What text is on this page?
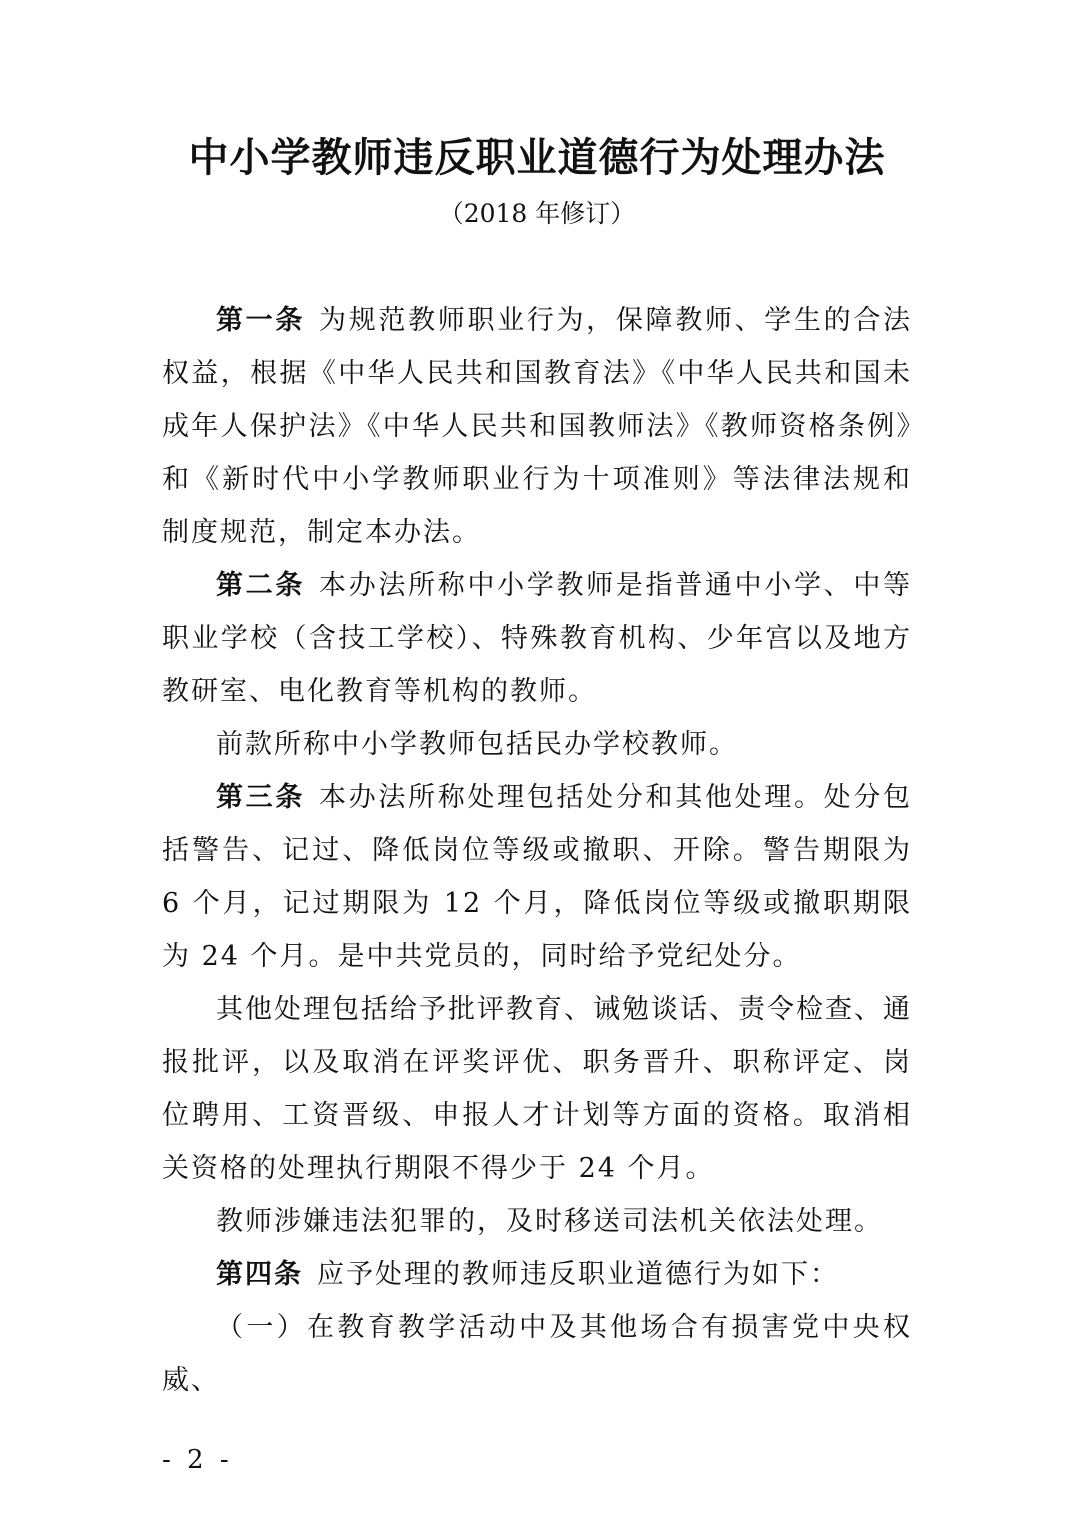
中小学教师违反职业道德行为处理办法

（2018 年修订）

第一条 为规范教师职业行为，保障教师、学生的合法权益，根据《中华人民共和国教育法》《中华人民共和国未成年人保护法》《中华人民共和国教师法》《教师资格条例》和《新时代中小学教师职业行为十项准则》等法律法规和制度规范，制定本办法。

第二条 本办法所称中小学教师是指普通中小学、中等职业学校（含技工学校）、特殊教育机构、少年宫以及地方教研室、电化教育等机构的教师。

前款所称中小学教师包括民办学校教师。

第三条 本办法所称处理包括处分和其他处理。处分包括警告、记过、降低岗位等级或撤职、开除。警告期限为 6 个月，记过期限为 12 个月，降低岗位等级或撤职期限为 24 个月。是中共党员的，同时给予党纪处分。

其他处理包括给予批评教育、诫勉谈话、责令检查、通报批评，以及取消在评奖评优、职务晋升、职称评定、岗位聘用、工资晋级、申报人才计划等方面的资格。取消相关资格的处理执行期限不得少于 24 个月。

教师涉嫌违法犯罪的，及时移送司法机关依法处理。

第四条 应予处理的教师违反职业道德行为如下：

（一）在教育教学活动中及其他场合有损害党中央权威、

- 2 -
